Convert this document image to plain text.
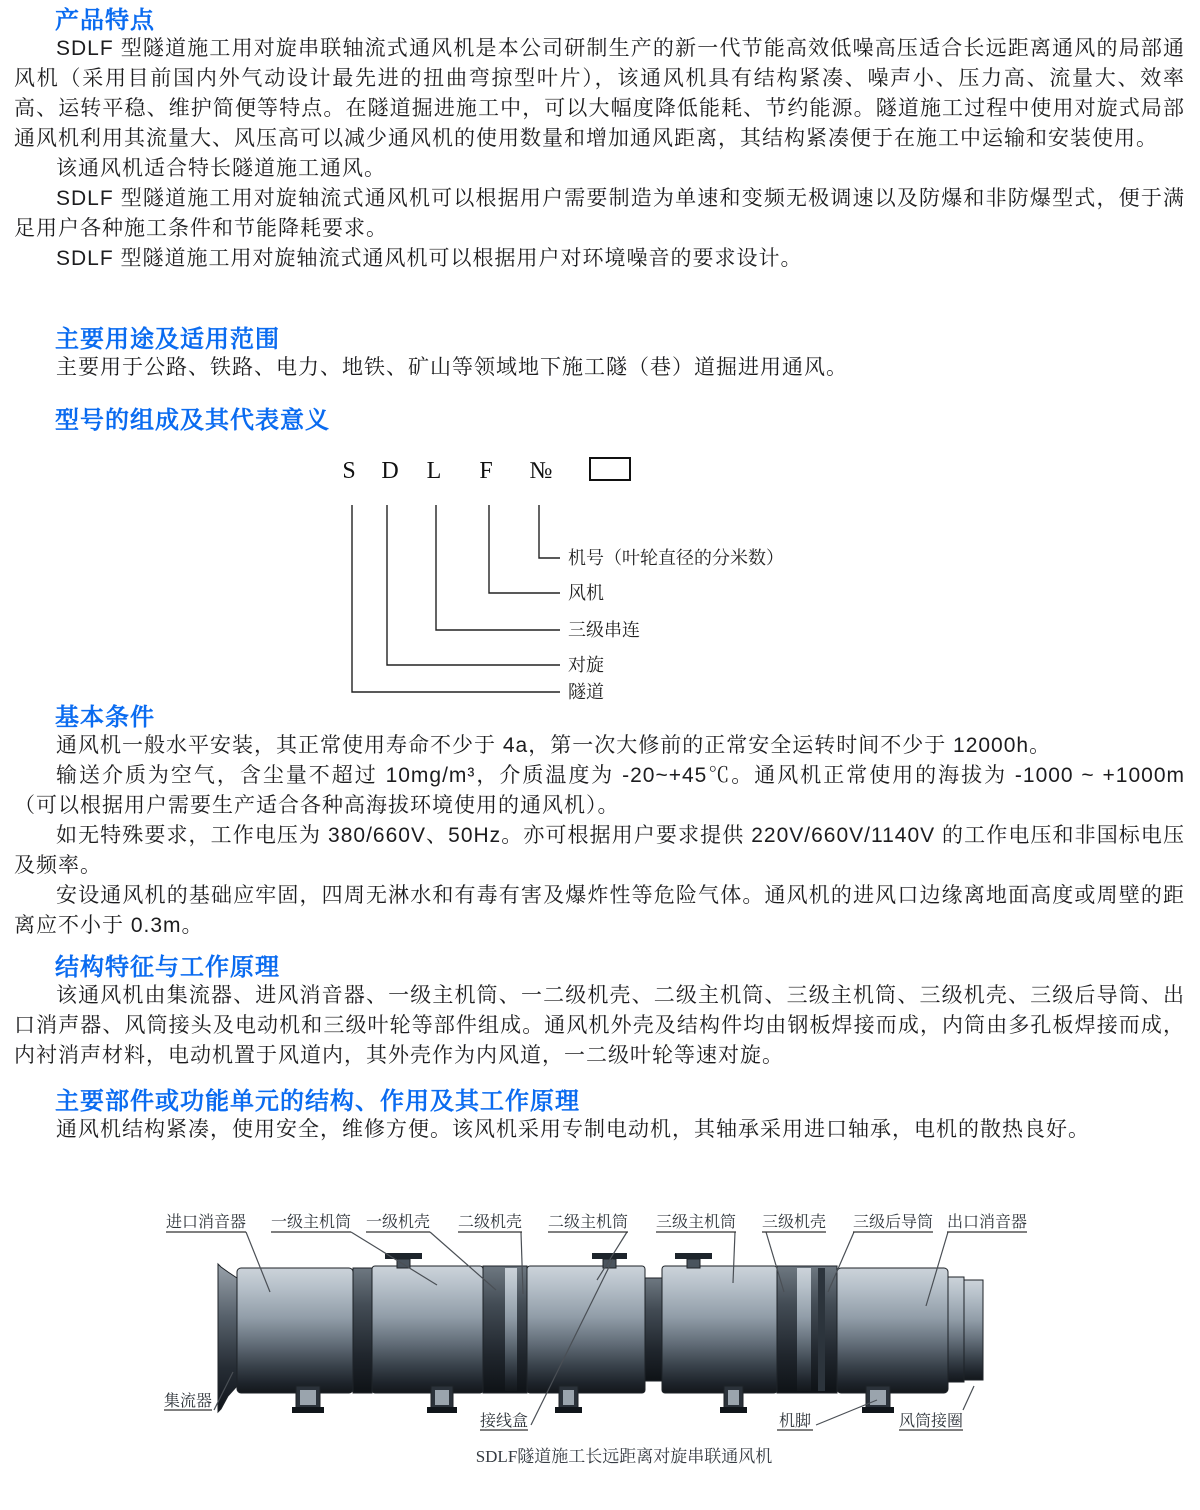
产品特点

SDLF 型隧道施工用对旋串联轴流式通风机是本公司研制生产的新一代节能高效低噪高压适合长远距离通风的局部通风机（采用目前国内外气动设计最先进的扭曲弯掠型叶片），该通风机具有结构紧凑、噪声小、压力高、流量大、效率高、运转平稳、维护简便等特点。在隧道掘进施工中，可以大幅度降低能耗、节约能源。隧道施工过程中使用对旋式局部通风机利用其流量大、风压高可以减少通风机的使用数量和增加通风距离，其结构紧凑便于在施工中运输和安装使用。

该通风机适合特长隧道施工通风。

SDLF 型隧道施工用对旋轴流式通风机可以根据用户需要制造为单速和变频无极调速以及防爆和非防爆型式，便于满足用户各种施工条件和节能降耗要求。

SDLF 型隧道施工用对旋轴流式通风机可以根据用户对环境噪音的要求设计。

主要用途及适用范围

主要用于公路、铁路、电力、地铁、矿山等领域地下施工隧（巷）道掘进用通风。

型号的组成及其代表意义
S D L F №
机号（叶轮直径的分米数）
风机
三级串连
对旋
隧道
基本条件

通风机一般水平安装，其正常使用寿命不少于 4a，第一次大修前的正常安全运转时间不少于 12000h。

输送介质为空气，含尘量不超过 10mg/m³，介质温度为 -20~+45℃。通风机正常使用的海拔为 -1000 ~ +1000m（可以根据用户需要生产适合各种高海拔环境使用的通风机）。

如无特殊要求，工作电压为 380/660V、50Hz。亦可根据用户要求提供 220V/660V/1140V 的工作电压和非国标电压及频率。

安设通风机的基础应牢固，四周无淋水和有毒有害及爆炸性等危险气体。通风机的进风口边缘离地面高度或周壁的距离应不小于 0.3m。

结构特征与工作原理

该通风机由集流器、进风消音器、一级主机筒、一二级机壳、二级主机筒、三级主机筒、三级机壳、三级后导筒、出口消声器、风筒接头及电动机和三级叶轮等部件组成。通风机外壳及结构件均由钢板焊接而成，内筒由多孔板焊接而成，内衬消声材料，电动机置于风道内，其外壳作为内风道，一二级叶轮等速对旋。

主要部件或功能单元的结构、作用及其工作原理

通风机结构紧凑，使用安全，维修方便。该风机采用专制电动机，其轴承采用进口轴承，电机的散热良好。

进口消音器 一级主机筒 一级机壳 二级机壳 二级主机筒 三级主机筒 三级机壳 三级后导筒 出口消音器
集流器
接线盒	机脚	风筒接圈
SDLF隧道施工长远距离对旋串联通风机
